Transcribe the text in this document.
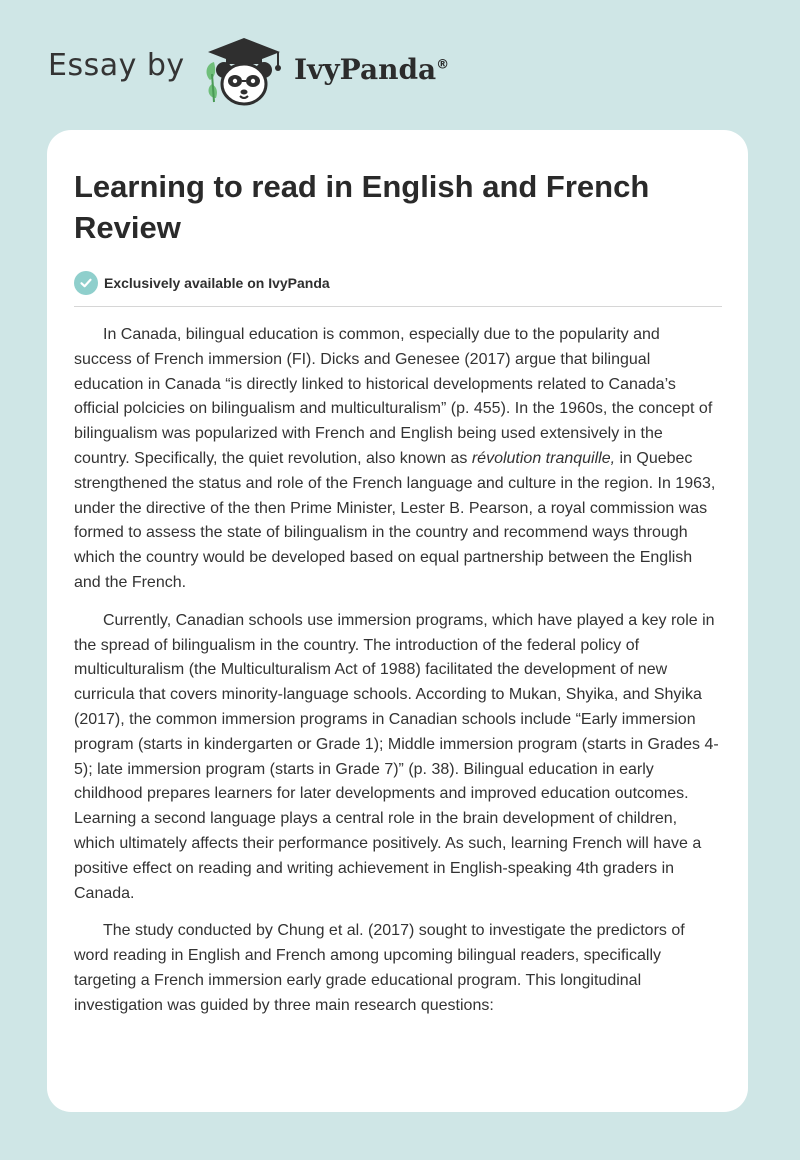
Essay by	IvyPanda®
Learning to read in English and French Review
Exclusively available on IvyPanda

In Canada, bilingual education is common, especially due to the popularity and success of French immersion (FI). Dicks and Genesee (2017) argue that bilingual education in Canada “is directly linked to historical developments related to Canada’s official polcicies on bilingualism and multiculturalism” (p. 455). In the 1960s, the concept of bilingualism was popularized with French and English being used extensively in the country. Specifically, the quiet revolution, also known as révolution tranquille, in Quebec strengthened the status and role of the French language and culture in the region. In 1963, under the directive of the then Prime Minister, Lester B. Pearson, a royal commission was formed to assess the state of bilingualism in the country and recommend ways through which the country would be developed based on equal partnership between the English and the French.

Currently, Canadian schools use immersion programs, which have played a key role in the spread of bilingualism in the country. The introduction of the federal policy of multiculturalism (the Multiculturalism Act of 1988) facilitated the development of new curricula that covers minority-language schools. According to Mukan, Shyika, and Shyika (2017), the common immersion programs in Canadian schools include “Early immersion program (starts in kindergarten or Grade 1); Middle immersion program (starts in Grades 4-5); late immersion program (starts in Grade 7)” (p. 38). Bilingual education in early childhood prepares learners for later developments and improved education outcomes. Learning a second language plays a central role in the brain development of children, which ultimately affects their performance positively. As such, learning French will have a positive effect on reading and writing achievement in English-speaking 4th graders in Canada.

The study conducted by Chung et al. (2017) sought to investigate the predictors of word reading in English and French among upcoming bilingual readers, specifically targeting a French immersion early grade educational program. This longitudinal investigation was guided by three main research questions:
